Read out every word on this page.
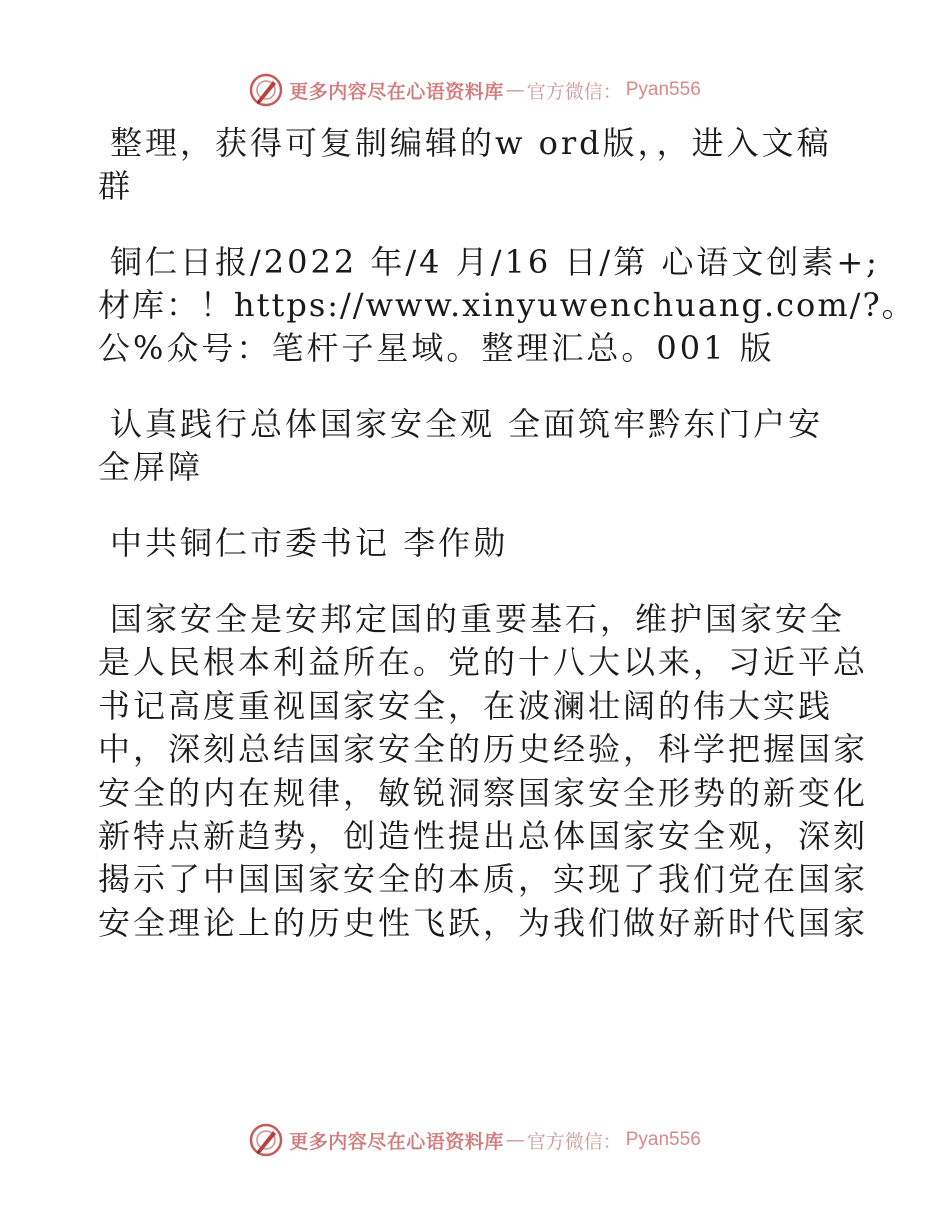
更多内容尽在心语资料库 — 官方微信： Pyan556

整理，获得可复制编辑的w ord版，，进入文稿
群

铜仁日报/2022 年/4 月/16 日/第 心语文创素+;
材库：！https://www.xinyuwenchuang.com/?。
公%众号：笔杆子星域。整理汇总。001 版

认真践行总体国家安全观 全面筑牢黔东门户安
全屏障

中共铜仁市委书记 李作勋

国家安全是安邦定国的重要基石，维护国家安全
是人民根本利益所在。党的十八大以来，习近平总
书记高度重视国家安全，在波澜壮阔的伟大实践
中，深刻总结国家安全的历史经验，科学把握国家
安全的内在规律，敏锐洞察国家安全形势的新变化
新特点新趋势，创造性提出总体国家安全观，深刻
揭示了中国国家安全的本质，实现了我们党在国家
安全理论上的历史性飞跃，为我们做好新时代国家

更多内容尽在心语资料库 — 官方微信： Pyan556
